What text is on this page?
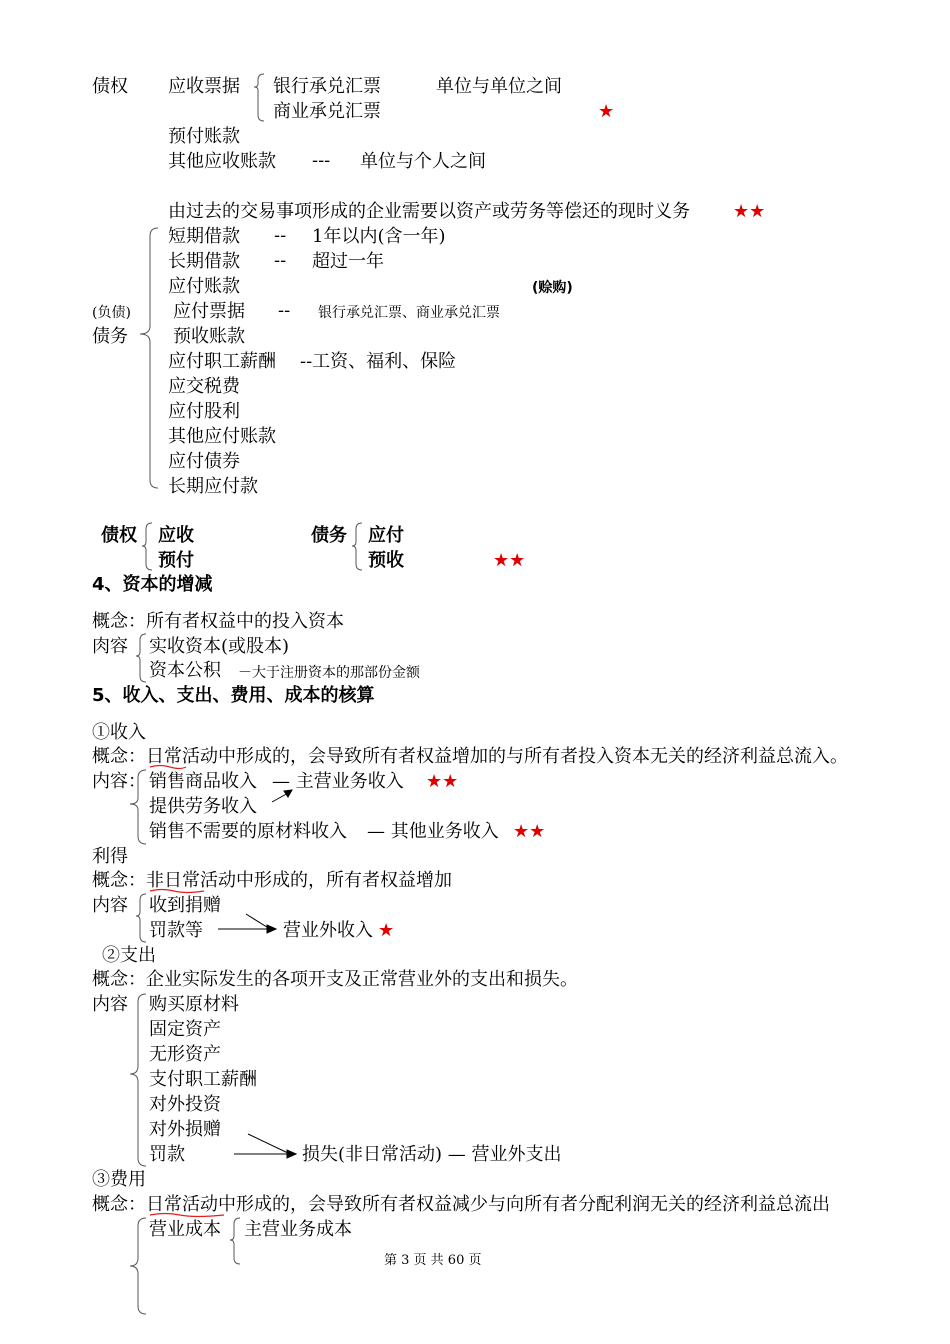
债权 应收票据 银行承兑汇票	单位与单位之间
商业承兑汇票	★
预付账款
其他应收账款 --- 单位与个人之间
由过去的交易事项形成的企业需要以资产或劳务等偿还的现时义务 ★★
短期借款 -- 1年以内(含一年)
长期借款 -- 超过一年
应付账款	(赊购)
(负债) 应付票据 -- 银行承兑汇票、商业承兑汇票
债务	预收账款
应付职工薪酬 --工资、福利、保险
应交税费
应付股利
其他应付账款
应付债券
长期应付款
债权 应收
预付
债务 应付
预收	★★
4、资本的增减
概念：所有者权益中的投入资本
肉容 实收资本(或股本)
资本公积 －大于注册资本的那部份金额
5、收入、支出、费用、成本的核算
①收入
概念：日常活动中形成的，会导致所有者权益增加的与所有者投入资本无关的经济利益总流入。
内容： 销售商品收入 — 主营业务收入 ★★
提供劳务收入
销售不需要的原材料收入 — 其他业务收入 ★★
利得
概念：非日常活动中形成的，所有者权益增加
内容 收到捐赠
罚款等	营业外收入 ★
②支出
概念：企业实际发生的各项开支及正常营业外的支出和损失。
内容 购买原材料
固定资产
无形资产
支付职工薪酬
对外投资
对外损赠
罚款	损失(非日常活动) — 营业外支出
③费用
概念：日常活动中形成的，会导致所有者权益减少与向所有者分配利润无关的经济利益总流出
营业成本 主营业务成本
第 3 页 共 60 页
